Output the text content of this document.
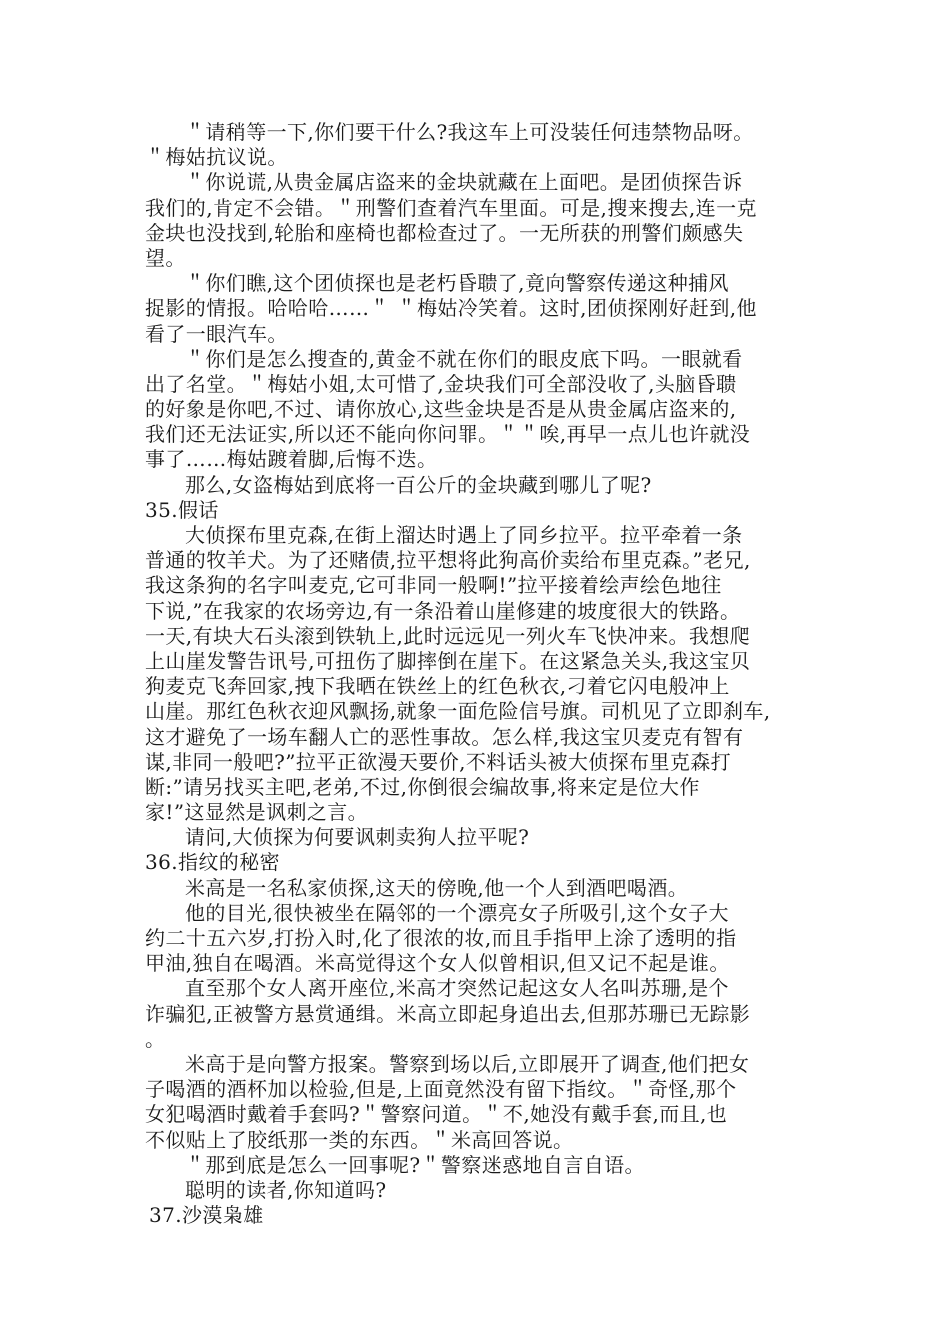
＂请稍等一下,你们要干什么?我这车上可没装任何违禁物品呀。
＂梅姑抗议说。
＂你说谎,从贵金属店盗来的金块就藏在上面吧。是团侦探告诉
我们的,肯定不会错。＂刑警们查着汽车里面。可是,搜来搜去,连一克
金块也没找到,轮胎和座椅也都检查过了。一无所获的刑警们颇感失
望。
＂你们瞧,这个团侦探也是老朽昏聩了,竟向警察传递这种捕风
捉影的情报。哈哈哈……＂ ＂梅姑冷笑着。这时,团侦探刚好赶到,他
看了一眼汽车。
＂你们是怎么搜查的,黄金不就在你们的眼皮底下吗。一眼就看
出了名堂。＂梅姑小姐,太可惜了,金块我们可全部没收了,头脑昏聩
的好象是你吧,不过、请你放心,这些金块是否是从贵金属店盗来的,
我们还无法证实,所以还不能向你问罪。＂＂唉,再早一点儿也许就没
事了……梅姑踱着脚,后悔不迭。
那么,女盗梅姑到底将一百公斤的金块藏到哪儿了呢?
35.假话
大侦探布里克森,在街上溜达时遇上了同乡拉平。拉平牵着一条
普通的牧羊犬。为了还赌债,拉平想将此狗高价卖给布里克森。”老兄,
我这条狗的名字叫麦克,它可非同一般啊!”拉平接着绘声绘色地往
下说,”在我家的农场旁边,有一条沿着山崖修建的坡度很大的铁路。
一天,有块大石头滚到铁轨上,此时远远见一列火车飞快冲来。我想爬
上山崖发警告讯号,可扭伤了脚摔倒在崖下。在这紧急关头,我这宝贝
狗麦克飞奔回家,拽下我晒在铁丝上的红色秋衣,刁着它闪电般冲上
山崖。那红色秋衣迎风飘扬,就象一面危险信号旗。司机见了立即刹车,
这才避免了一场车翻人亡的恶性事故。怎么样,我这宝贝麦克有智有
谋,非同一般吧?”拉平正欲漫天要价,不料话头被大侦探布里克森打
断:”请另找买主吧,老弟,不过,你倒很会编故事,将来定是位大作
家!”这显然是讽刺之言。
请问,大侦探为何要讽刺卖狗人拉平呢?
36.指纹的秘密
米高是一名私家侦探,这天的傍晚,他一个人到酒吧喝酒。
他的目光,很快被坐在隔邻的一个漂亮女子所吸引,这个女子大
约二十五六岁,打扮入时,化了很浓的妆,而且手指甲上涂了透明的指
甲油,独自在喝酒。米高觉得这个女人似曾相识,但又记不起是谁。
直至那个女人离开座位,米高才突然记起这女人名叫苏珊,是个
诈骗犯,正被警方悬赏通缉。米高立即起身追出去,但那苏珊已无踪影
。
米高于是向警方报案。警察到场以后,立即展开了调查,他们把女
子喝酒的酒杯加以检验,但是,上面竟然没有留下指纹。＂奇怪,那个
女犯喝酒时戴着手套吗?＂警察问道。＂不,她没有戴手套,而且,也
不似贴上了胶纸那一类的东西。＂米高回答说。
＂那到底是怎么一回事呢?＂警察迷惑地自言自语。
聪明的读者,你知道吗?
37.沙漠枭雄
